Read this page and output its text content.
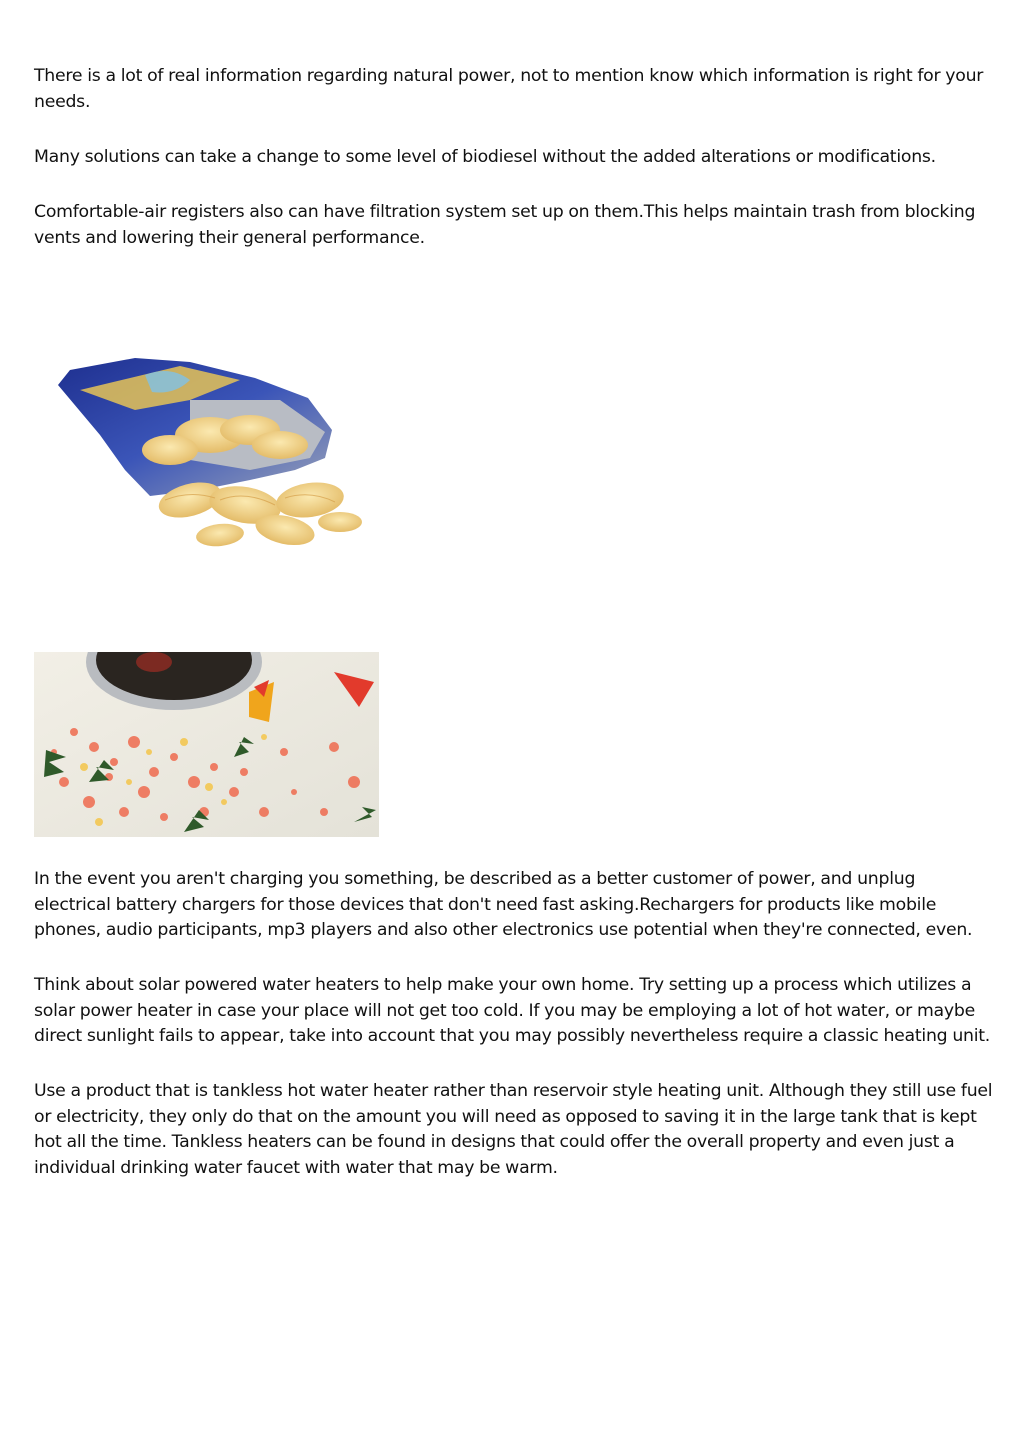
There is a lot of real information regarding natural power, not to mention know which information is right for your needs.

Many solutions can take a change to some level of biodiesel without the added alterations or modifications.

Comfortable-air registers also can have filtration system set up on them.This helps maintain trash from blocking vents and lowering their general performance.

In the event you aren't charging you something, be described as a better customer of power, and unplug electrical battery chargers for those devices that don't need fast asking.Rechargers for products like mobile phones, audio participants, mp3 players and also other electronics use potential when they're connected, even.

Think about solar powered water heaters to help make your own home. Try setting up a process which utilizes a solar power heater in case your place will not get too cold. If you may be employing a lot of hot water, or maybe direct sunlight fails to appear, take into account that you may possibly nevertheless require a classic heating unit.

Use a product that is tankless hot water heater rather than reservoir style heating unit. Although they still use fuel or electricity, they only do that on the amount you will need as opposed to saving it in the large tank that is kept hot all the time. Tankless heaters can be found in designs that could offer the overall property and even just a individual drinking water faucet with water that may be warm.
